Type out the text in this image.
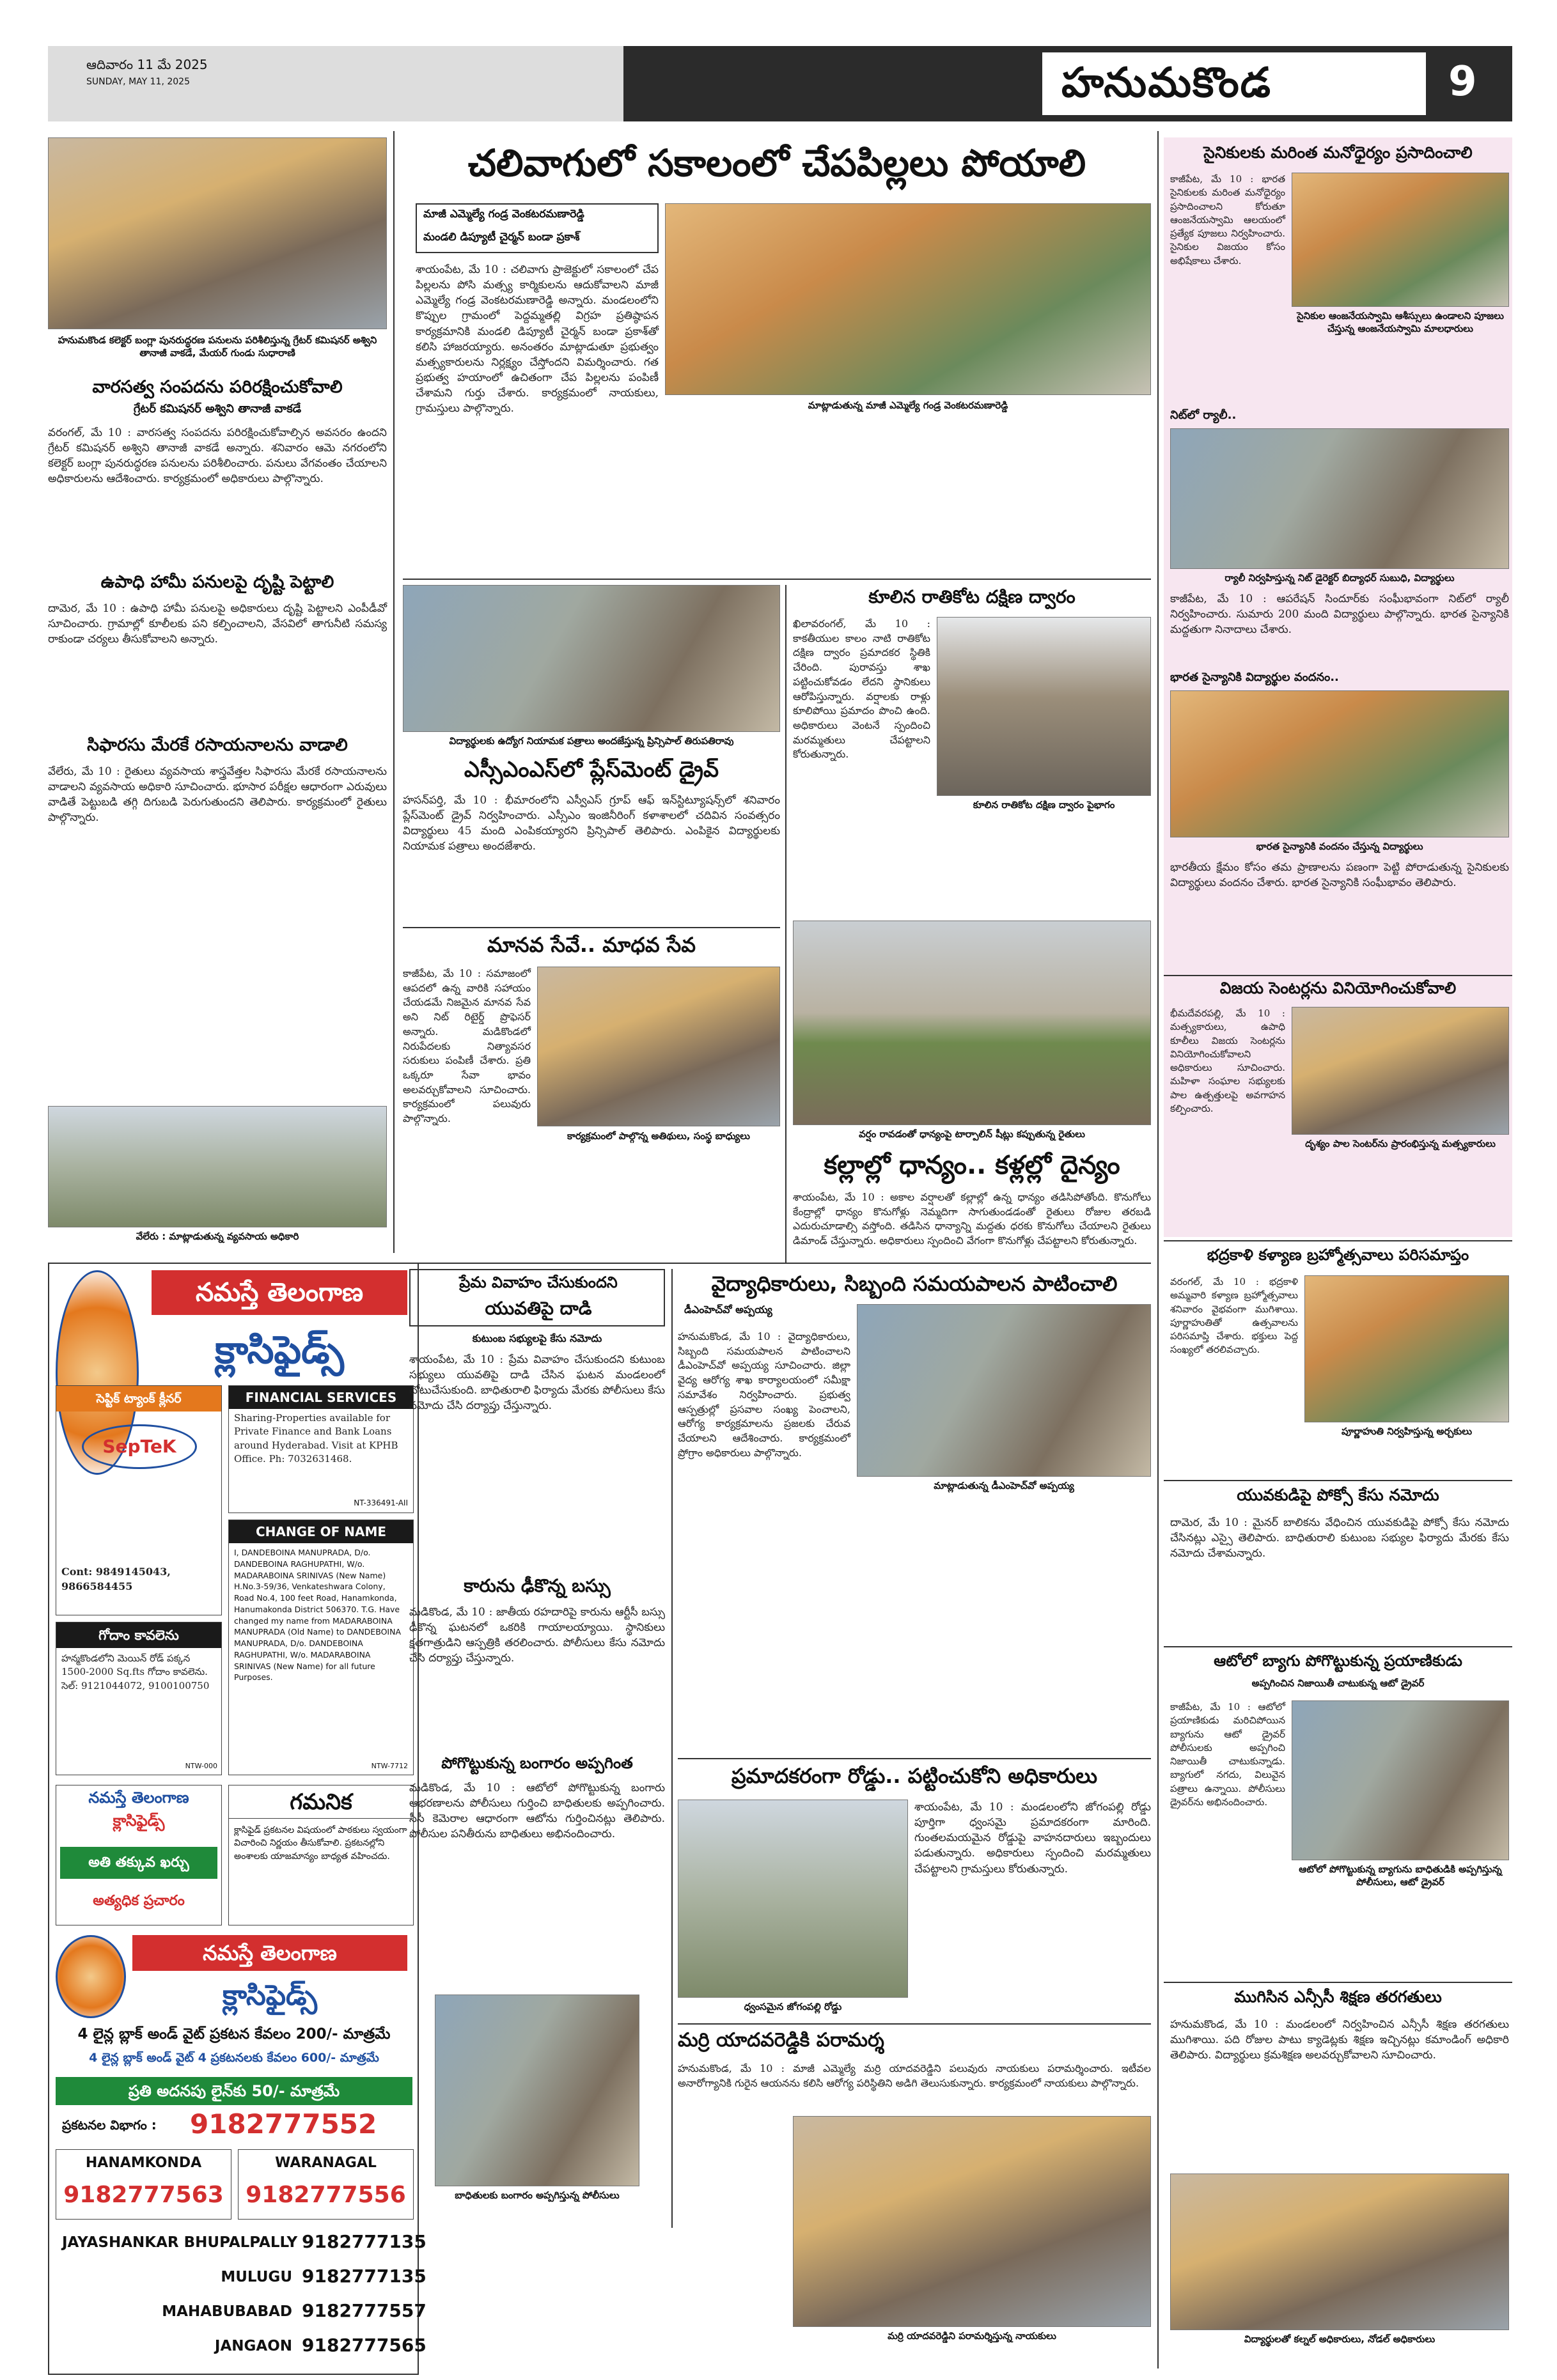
ఆదివారం 11 మే 2025
SUNDAY, MAY 11, 2025	హనుమకొండ	9
హనుమకొండ కలెక్టర్ బంగ్లా పునరుద్ధరణ పనులను పరిశీలిస్తున్న గ్రేటర్ కమిషనర్ అశ్విని తానాజీ వాకడే, మేయర్ గుండు సుధారాణి
వారసత్వ సంపదను పరిరక్షించుకోవాలి
గ్రేటర్ కమిషనర్ అశ్విని తానాజీ వాకడే
వరంగల్, మే 10 : వారసత్వ సంపదను పరిరక్షించుకోవాల్సిన అవసరం ఉందని గ్రేటర్ కమిషనర్ అశ్విని తానాజీ వాకడే అన్నారు. శనివారం ఆమె నగరంలోని కలెక్టర్ బంగ్లా పునరుద్ధరణ పనులను పరిశీలించారు. పనులు వేగవంతం చేయాలని అధికారులను ఆదేశించారు. కార్యక్రమంలో అధికారులు పాల్గొన్నారు.
ఉపాధి హామీ పనులపై దృష్టి పెట్టాలి
దామెర, మే 10 : ఉపాధి హామీ పనులపై అధికారులు దృష్టి పెట్టాలని ఎంపీడీవో సూచించారు. గ్రామాల్లో కూలీలకు పని కల్పించాలని, వేసవిలో తాగునీటి సమస్య రాకుండా చర్యలు తీసుకోవాలని అన్నారు.
సిఫారసు మేరకే రసాయనాలను వాడాలి
వేలేరు, మే 10 : రైతులు వ్యవసాయ శాస్త్రవేత్తల సిఫారసు మేరకే రసాయనాలను వాడాలని వ్యవసాయ అధికారి సూచించారు. భూసార పరీక్షల ఆధారంగా ఎరువులు వాడితే పెట్టుబడి తగ్గి దిగుబడి పెరుగుతుందని తెలిపారు. కార్యక్రమంలో రైతులు పాల్గొన్నారు.
వేలేరు : మాట్లాడుతున్న వ్యవసాయ అధికారి
నమస్తే తెలంగాణ
క్లాసిఫైడ్స్
సెప్టిక్ ట్యాంక్ క్లీనర్
SepTeK
Cont: 9849145043, 9866584455
FINANCIAL SERVICES
Sharing-Properties available for Private Finance and Bank Loans around Hyderabad. Visit at KPHB Office. Ph: 7032631468.
NT-336491-AII
CHANGE OF NAME
I, DANDEBOINA MANUPRADA, D/o. DANDEBOINA RAGHUPATHI, W/o. MADARABOINA SRINIVAS (New Name) H.No.3-59/36, Venkateshwara Colony, Road No.4, 100 feet Road, Hanamkonda, Hanumakonda District 506370. T.G. Have changed my name from MADARABOINA MANUPRADA (Old Name) to DANDEBOINA MANUPRADA, D/o. DANDEBOINA RAGHUPATHI, W/o. MADARABOINA SRINIVAS (New Name) for all future Purposes.
NTW-7712
గోదాం కావలెను
హన్మకొండలోని మెయిన్ రోడ్ పక్కన 1500-2000 Sq.fts గోదాం కావలెను. సెల్: 9121044072, 9100100750
NTW-000
నమస్తే తెలంగాణ
క్లాసిఫైడ్స్
అతి తక్కువ ఖర్చు
అత్యధిక ప్రచారం
గమనిక
క్లాసిఫైడ్ ప్రకటనల విషయంలో పాఠకులు స్వయంగా విచారించి నిర్ణయం తీసుకోవాలి. ప్రకటనల్లోని అంశాలకు యాజమాన్యం బాధ్యత వహించదు.
నమస్తే తెలంగాణ
క్లాసిఫైడ్స్
4 లైన్ల బ్లాక్ అండ్ వైట్ ప్రకటన కేవలం 200/- మాత్రమే
4 లైన్ల బ్లాక్ అండ్ వైట్ 4 ప్రకటనలకు కేవలం 600/- మాత్రమే
ప్రతి అదనపు లైన్‌కు 50/- మాత్రమే
ప్రకటనల విభాగం :	9182777552
HANAMKONDA
9182777563
WARANAGAL
9182777556
JAYASHANKAR BHUPALPALLY 9182777135
MULUGU 9182777135
MAHABUBABAD 9182777557
JANGAON 9182777565
చలివాగులో సకాలంలో చేపపిల్లలు పోయాలి
మాజీ ఎమ్మెల్యే గండ్ర వెంకటరమణారెడ్డి
మండలి డిప్యూటీ చైర్మన్ బండా ప్రకాశ్
శాయంపేట, మే 10 : చలివాగు ప్రాజెక్టులో సకాలంలో చేప పిల్లలను పోసి మత్స్య కార్మికులను ఆదుకోవాలని మాజీ ఎమ్మెల్యే గండ్ర వెంకటరమణారెడ్డి అన్నారు. మండలంలోని కొప్పుల గ్రామంలో పెద్దమ్మతల్లి విగ్రహ ప్రతిష్ఠాపన కార్యక్రమానికి మండలి డిప్యూటీ చైర్మన్ బండా ప్రకాశ్‌తో కలిసి హాజరయ్యారు. అనంతరం మాట్లాడుతూ ప్రభుత్వం మత్స్యకారులను నిర్లక్ష్యం చేస్తోందని విమర్శించారు. గత ప్రభుత్వ హయాంలో ఉచితంగా చేప పిల్లలను పంపిణీ చేశామని గుర్తు చేశారు. కార్యక్రమంలో నాయకులు, గ్రామస్తులు పాల్గొన్నారు.	మాట్లాడుతున్న మాజీ ఎమ్మెల్యే గండ్ర వెంకటరమణారెడ్డి
విద్యార్థులకు ఉద్యోగ నియామక పత్రాలు అందజేస్తున్న ప్రిన్సిపాల్ తిరుపతిరావు
ఎస్సీఎంఎస్‌లో ప్లేస్‌మెంట్ డ్రైవ్
హసన్‌పర్తి, మే 10 : భీమారంలోని ఎస్వీఎస్ గ్రూప్ ఆఫ్ ఇన్‌స్టిట్యూషన్స్‌లో శనివారం ప్లేస్‌మెంట్ డ్రైవ్ నిర్వహించారు. ఎస్సీఎం ఇంజినీరింగ్ కళాశాలలో చదివిన సంవత్సరం విద్యార్థులు 45 మంది ఎంపికయ్యారని ప్రిన్సిపాల్ తెలిపారు. ఎంపికైన విద్యార్థులకు నియామక పత్రాలు అందజేశారు.
కూలిన రాతికోట దక్షిణ ద్వారం
ఖిలావరంగల్, మే 10 : కాకతీయుల కాలం నాటి రాతికోట దక్షిణ ద్వారం ప్రమాదకర స్థితికి చేరింది. పురావస్తు శాఖ పట్టించుకోవడం లేదని స్థానికులు ఆరోపిస్తున్నారు. వర్షాలకు రాళ్లు కూలిపోయి ప్రమాదం పొంచి ఉంది. అధికారులు వెంటనే స్పందించి మరమ్మతులు చేపట్టాలని కోరుతున్నారు.
కూలిన రాతికోట దక్షిణ ద్వారం పైభాగం
మానవ సేవే.. మాధవ సేవ
కాజీపేట, మే 10 : సమాజంలో ఆపదలో ఉన్న వారికి సహాయం చేయడమే నిజమైన మానవ సేవ అని నిట్ రిటైర్డ్ ప్రొఫెసర్ అన్నారు. మడికొండలో నిరుపేదలకు నిత్యావసర సరుకులు పంపిణీ చేశారు. ప్రతి ఒక్కరూ సేవా భావం అలవర్చుకోవాలని సూచించారు. కార్యక్రమంలో పలువురు పాల్గొన్నారు.
కార్యక్రమంలో పాల్గొన్న అతిథులు, సంస్థ బాధ్యులు	వర్షం రావడంతో ధాన్యంపై టార్పాలిన్ షీట్లు కప్పుతున్న రైతులు
కల్లాల్లో ధాన్యం.. కళ్లల్లో దైన్యం
శాయంపేట, మే 10 : అకాల వర్షాలతో కల్లాల్లో ఉన్న ధాన్యం తడిసిపోతోంది. కొనుగోలు కేంద్రాల్లో ధాన్యం కొనుగోళ్లు నెమ్మదిగా సాగుతుండడంతో రైతులు రోజుల తరబడి ఎదురుచూడాల్సి వస్తోంది. తడిసిన ధాన్యాన్ని మద్దతు ధరకు కొనుగోలు చేయాలని రైతులు డిమాండ్ చేస్తున్నారు. అధికారులు స్పందించి వేగంగా కొనుగోళ్లు చేపట్టాలని కోరుతున్నారు.
ప్రేమ వివాహం చేసుకుందని
యువతిపై దాడి
కుటుంబ సభ్యులపై కేసు నమోదు
శాయంపేట, మే 10 : ప్రేమ వివాహం చేసుకుందని కుటుంబ సభ్యులు యువతిపై దాడి చేసిన ఘటన మండలంలో చోటుచేసుకుంది. బాధితురాలి ఫిర్యాదు మేరకు పోలీసులు కేసు నమోదు చేసి దర్యాప్తు చేస్తున్నారు.
కారును ఢీకొన్న బస్సు
మడికొండ, మే 10 : జాతీయ రహదారిపై కారును ఆర్టీసీ బస్సు ఢీకొన్న ఘటనలో ఒకరికి గాయాలయ్యాయి. స్థానికులు క్షతగాత్రుడిని ఆస్పత్రికి తరలించారు. పోలీసులు కేసు నమోదు చేసి దర్యాప్తు చేస్తున్నారు.
పోగొట్టుకున్న బంగారం అప్పగింత
మడికొండ, మే 10 : ఆటోలో పోగొట్టుకున్న బంగారు ఆభరణాలను పోలీసులు గుర్తించి బాధితులకు అప్పగించారు. సీసీ కెమెరాల ఆధారంగా ఆటోను గుర్తించినట్లు తెలిపారు. పోలీసుల పనితీరును బాధితులు అభినందించారు.
బాధితులకు బంగారం అప్పగిస్తున్న పోలీసులు
వైద్యాధికారులు, సిబ్బంది సమయపాలన పాటించాలి
డీఎంహెచ్‌వో అప్పయ్య
మాట్లాడుతున్న డీఎంహెచ్‌వో అప్పయ్య
హనుమకొండ, మే 10 : వైద్యాధికారులు, సిబ్బంది సమయపాలన పాటించాలని డీఎంహెచ్‌వో అప్పయ్య సూచించారు. జిల్లా వైద్య ఆరోగ్య శాఖ కార్యాలయంలో సమీక్షా సమావేశం నిర్వహించారు. ప్రభుత్వ ఆస్పత్రుల్లో ప్రసవాల సంఖ్య పెంచాలని, ఆరోగ్య కార్యక్రమాలను ప్రజలకు చేరువ చేయాలని ఆదేశించారు. కార్యక్రమంలో ప్రోగ్రాం అధికారులు పాల్గొన్నారు.
ప్రమాదకరంగా రోడ్డు.. పట్టించుకోని అధికారులు
ధ్వంసమైన జోగంపల్లి రోడ్డు
శాయంపేట, మే 10 : మండలంలోని జోగంపల్లి రోడ్డు పూర్తిగా ధ్వంసమై ప్రమాదకరంగా మారింది. గుంతలమయమైన రోడ్డుపై వాహనదారులు ఇబ్బందులు పడుతున్నారు. అధికారులు స్పందించి మరమ్మతులు చేపట్టాలని గ్రామస్తులు కోరుతున్నారు.
మర్రి యాదవరెడ్డికి పరామర్శ
హనుమకొండ, మే 10 : మాజీ ఎమ్మెల్యే మర్రి యాదవరెడ్డిని పలువురు నాయకులు పరామర్శించారు. ఇటీవల అనారోగ్యానికి గురైన ఆయనను కలిసి ఆరోగ్య పరిస్థితిని అడిగి తెలుసుకున్నారు. కార్యక్రమంలో నాయకులు పాల్గొన్నారు.
మర్రి యాదవరెడ్డిని పరామర్శిస్తున్న నాయకులు
సైనికులకు మరింత మనోధైర్యం ప్రసాదించాలి
కాజీపేట, మే 10 : భారత సైనికులకు మరింత మనోధైర్యం ప్రసాదించాలని కోరుతూ ఆంజనేయస్వామి ఆలయంలో ప్రత్యేక పూజలు నిర్వహించారు. సైనికుల విజయం కోసం అభిషేకాలు చేశారు.
సైనికుల ఆంజనేయస్వామి ఆశీస్సులు ఉండాలని పూజలు చేస్తున్న ఆంజనేయస్వామి మాలధారులు
నిట్‌లో ర్యాలీ..
ర్యాలీ నిర్వహిస్తున్న నిట్ డైరెక్టర్ బిద్యాధర్ సుబుధి, విద్యార్థులు
కాజీపేట, మే 10 : ఆపరేషన్ సిందూర్‌కు సంఘీభావంగా నిట్‌లో ర్యాలీ నిర్వహించారు. సుమారు 200 మంది విద్యార్థులు పాల్గొన్నారు. భారత సైన్యానికి మద్దతుగా నినాదాలు చేశారు.
భారత సైన్యానికి విద్యార్థుల వందనం..
భారత సైన్యానికి వందనం చేస్తున్న విద్యార్థులు
భారతీయ క్షేమం కోసం తమ ప్రాణాలను పణంగా పెట్టి పోరాడుతున్న సైనికులకు విద్యార్థులు వందనం చేశారు. భారత సైన్యానికి సంఘీభావం తెలిపారు.
విజయ సెంటర్లను వినియోగించుకోవాలి
భీమదేవరపల్లి, మే 10 : మత్స్యకారులు, ఉపాధి కూలీలు విజయ సెంటర్లను వినియోగించుకోవాలని అధికారులు సూచించారు. మహిళా సంఘాల సభ్యులకు పాల ఉత్పత్తులపై అవగాహన కల్పించారు.
దృశ్యం పాల సెంటర్‌ను ప్రారంభిస్తున్న మత్స్యకారులు
భద్రకాళి కళ్యాణ బ్రహ్మోత్సవాలు పరిసమాప్తం
వరంగల్, మే 10 : భద్రకాళి అమ్మవారి కళ్యాణ బ్రహ్మోత్సవాలు శనివారం వైభవంగా ముగిశాయి. పూర్ణాహుతితో ఉత్సవాలను పరిసమాప్తి చేశారు. భక్తులు పెద్ద సంఖ్యలో తరలివచ్చారు.
పూర్ణాహుతి నిర్వహిస్తున్న అర్చకులు
యువకుడిపై పోక్సో కేసు నమోదు
దామెర, మే 10 : మైనర్ బాలికను వేధించిన యువకుడిపై పోక్సో కేసు నమోదు చేసినట్లు ఎస్సై తెలిపారు. బాధితురాలి కుటుంబ సభ్యుల ఫిర్యాదు మేరకు కేసు నమోదు చేశామన్నారు.
ఆటోలో బ్యాగు పోగొట్టుకున్న ప్రయాణికుడు
అప్పగించిన నిజాయితీ చాటుకున్న ఆటో డ్రైవర్
కాజీపేట, మే 10 : ఆటోలో ప్రయాణికుడు మరిచిపోయిన బ్యాగును ఆటో డ్రైవర్ పోలీసులకు అప్పగించి నిజాయితీ చాటుకున్నాడు. బ్యాగులో నగదు, విలువైన పత్రాలు ఉన్నాయి. పోలీసులు డ్రైవర్‌ను అభినందించారు.
ఆటోలో పోగొట్టుకున్న బ్యాగును బాధితుడికి అప్పగిస్తున్న పోలీసులు, ఆటో డ్రైవర్
ముగిసిన ఎన్సీసీ శిక్షణ తరగతులు
హనుమకొండ, మే 10 : మండలంలో నిర్వహించిన ఎన్సీసీ శిక్షణ తరగతులు ముగిశాయి. పది రోజుల పాటు క్యాడెట్లకు శిక్షణ ఇచ్చినట్లు కమాండింగ్ అధికారి తెలిపారు. విద్యార్థులు క్రమశిక్షణ అలవర్చుకోవాలని సూచించారు.
విద్యార్థులతో కల్నల్ అధికారులు, నోడల్ అధికారులు
